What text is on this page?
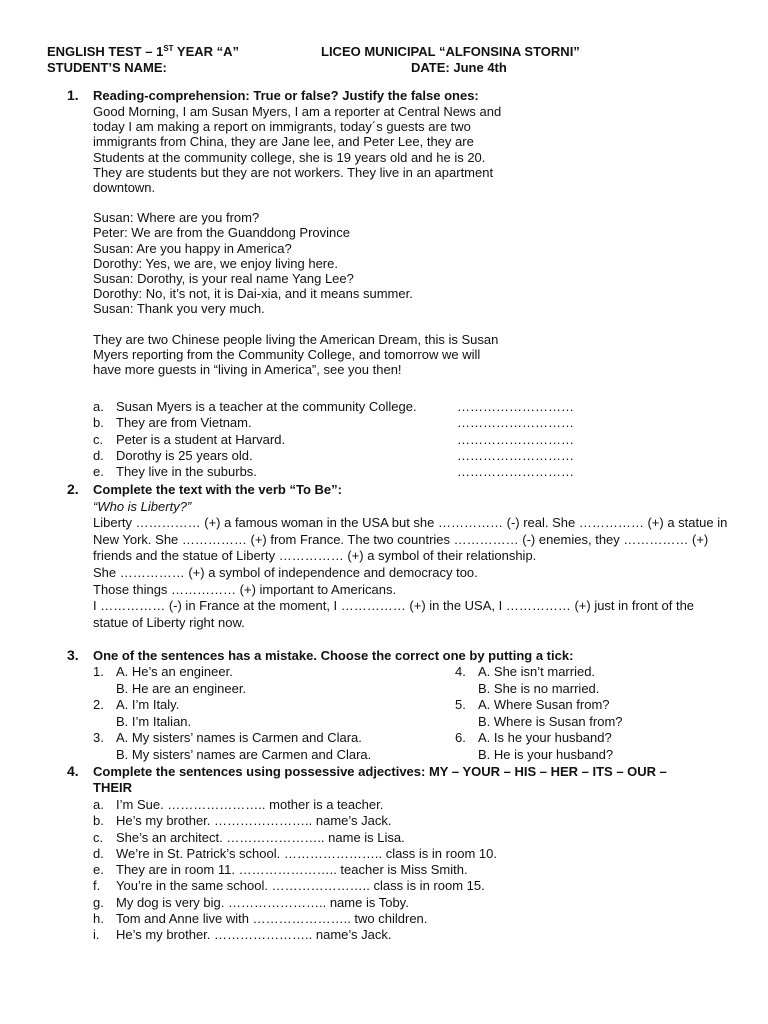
ENGLISH TEST – 1ST YEAR “A”	LICEO MUNICIPAL “ALFONSINA STORNI”
STUDENT’S NAME:	DATE: June 4th
1. Reading-comprehension: True or false? Justify the false ones:
Good Morning, I am Susan Myers, I am a reporter at Central News and
today I am making a report on immigrants, today´s guests are two
immigrants from China, they are Jane lee, and Peter Lee, they are
Students at the community college, she is 19 years old and he is 20.
They are students but they are not workers. They live in an apartment
downtown.
Susan: Where are you from?
Peter: We are from the Guanddong Province
Susan: Are you happy in America?
Dorothy: Yes, we are, we enjoy living here.
Susan: Dorothy, is your real name Yang Lee?
Dorothy: No, it’s not, it is Dai-xia, and it means summer.
Susan: Thank you very much.
They are two Chinese people living the American Dream, this is Susan
Myers reporting from the Community College, and tomorrow we will
have more guests in “living in America”, see you then!
a. Susan Myers is a teacher at the community College.	………………………
b. They are from Vietnam.	………………………
c. Peter is a student at Harvard.	………………………
d. Dorothy is 25 years old.	………………………
e. They live in the suburbs.	………………………
2. Complete the text with the verb “To Be”:
“Who is Liberty?”
Liberty …………… (+) a famous woman in the USA but she …………… (-) real. She …………… (+) a statue in New York. She …………… (+) from France. The two countries …………… (-) enemies, they …………… (+) friends and the statue of Liberty …………… (+) a symbol of their relationship.
She …………… (+) a symbol of independence and democracy too.
Those things …………… (+) important to Americans.
I …………… (-) in France at the moment, I …………… (+) in the USA, I …………… (+) just in front of the statue of Liberty right now.
3. One of the sentences has a mistake. Choose the correct one by putting a tick:
1. A. He’s an engineer.
B. He are an engineer.
2. A. I’m Italy.
B. I’m Italian.
3. A. My sisters’ names is Carmen and Clara.
B. My sisters’ names are Carmen and Clara.
4. A. She isn’t married.
B. She is no married.
5. A. Where Susan from?
B. Where is Susan from?
6. A. Is he your husband?
B. He is your husband?
4. Complete the sentences using possessive adjectives: MY – YOUR – HIS – HER – ITS – OUR –
THEIR
a. I’m Sue. ………………….. mother is a teacher.
b. He’s my brother. ………………….. name’s Jack.
c. She’s an architect. ………………….. name is Lisa.
d. We’re in St. Patrick’s school. ………………….. class is in room 10.
e. They are in room 11. ………………….. teacher is Miss Smith.
f. You’re in the same school. ………………….. class is in room 15.
g. My dog is very big. ………………….. name is Toby.
h. Tom and Anne live with ………………….. two children.
i. He’s my brother. ………………….. name’s Jack.
